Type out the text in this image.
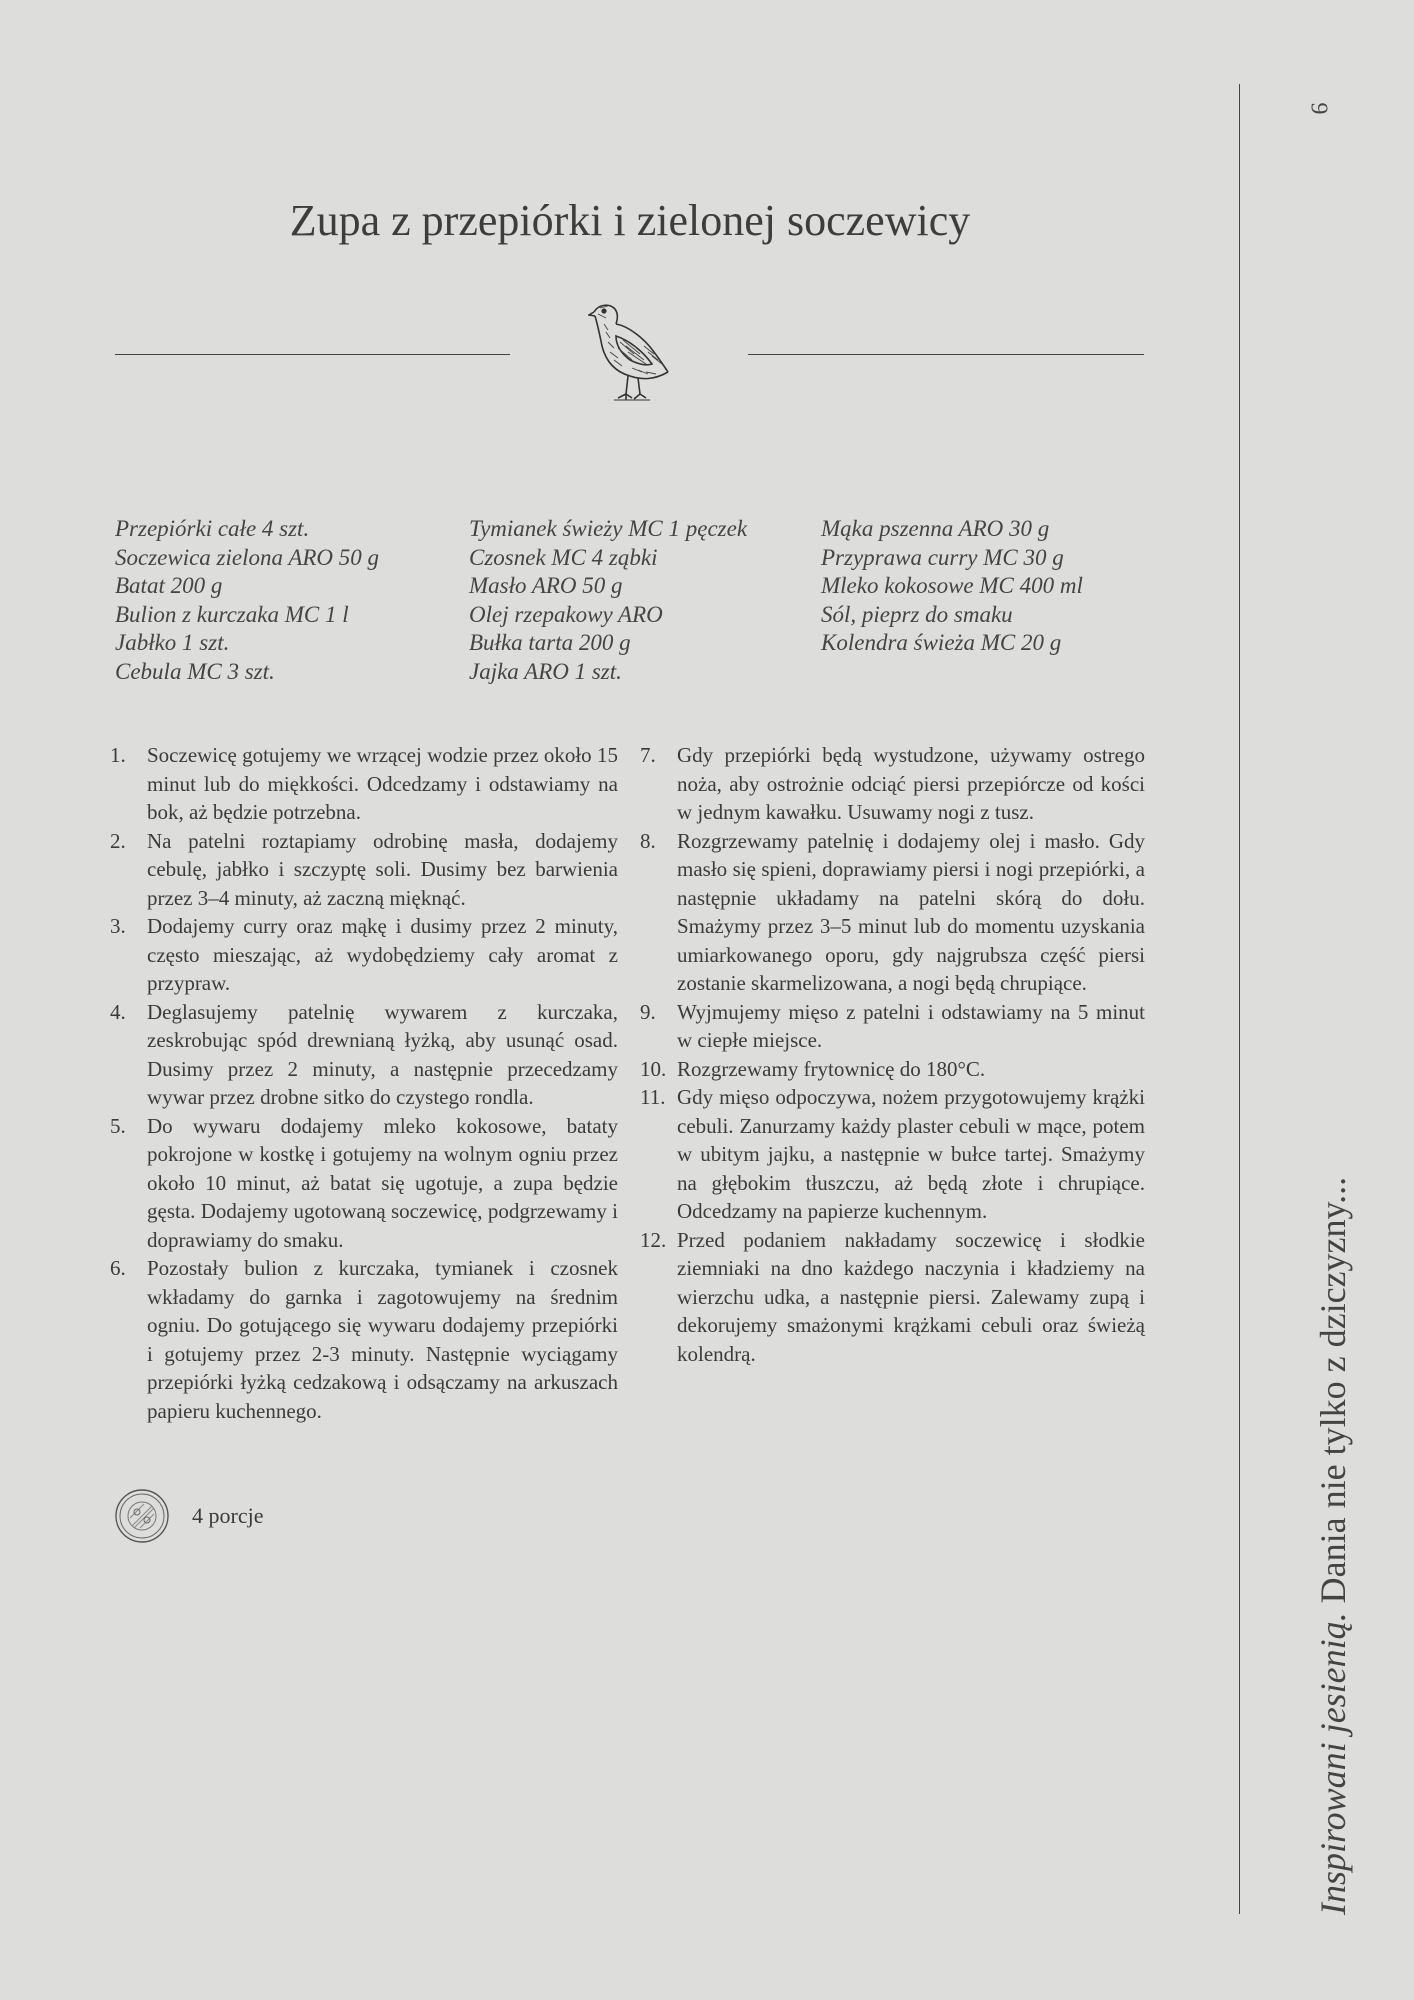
Zupa z przepiórki i zielonej soczewicy
Przepiórki całe 4 szt.
Soczewica zielona ARO 50 g
Batat 200 g
Bulion z kurczaka MC 1 l
Jabłko 1 szt.
Cebula MC 3 szt.
Tymianek świeży MC 1 pęczek
Czosnek MC 4 ząbki
Masło ARO 50 g
Olej rzepakowy ARO
Bułka tarta 200 g
Jajka ARO 1 szt.
Mąka pszenna ARO 30 g
Przyprawa curry MC 30 g
Mleko kokosowe MC 400 ml
Sól, pieprz do smaku
Kolendra świeża MC 20 g
1.	Soczewicę gotujemy we wrzącej wodzie przez około 15 minut lub do miękkości. Odcedzamy i odstawiamy na bok, aż będzie potrzebna.
2.	Na patelni roztapiamy odrobinę masła, dodajemy cebulę, jabłko i szczyptę soli. Dusimy bez barwienia przez 3–4 minuty, aż zaczną mięknąć.
3.	Dodajemy curry oraz mąkę i dusimy przez 2 minuty, często mieszając, aż wydobędziemy cały aromat z przypraw.
4.	Deglasujemy patelnię wywarem z kurczaka, zeskrobując spód drewnianą łyżką, aby usunąć osad. Dusimy przez 2 minuty, a następnie przecedzamy wywar przez drobne sitko do czystego rondla.
5.	Do wywaru dodajemy mleko kokosowe, bataty pokrojone w kostkę i gotujemy na wolnym ogniu przez około 10 minut, aż batat się ugotuje, a zupa będzie gęsta. Dodajemy ugotowaną soczewicę, podgrzewamy i doprawiamy do smaku.
6.	Pozostały bulion z kurczaka, tymianek i czosnek wkładamy do garnka i zagotowujemy na średnim ogniu. Do gotującego się wywaru dodajemy przepiórki i gotujemy przez 2-3 minuty. Następnie wyciągamy przepiórki łyżką cedzakową i odsączamy na arkuszach papieru kuchennego.
7.	Gdy przepiórki będą wystudzone, używamy ostrego noża, aby ostrożnie odciąć piersi przepiórcze od kości w jednym kawałku. Usuwamy nogi z tusz.
8.	Rozgrzewamy patelnię i dodajemy olej i masło. Gdy masło się spieni, doprawiamy piersi i nogi przepiórki, a następnie układamy na patelni skórą do dołu. Smażymy przez 3–5 minut lub do momentu uzyskania umiarkowanego oporu, gdy najgrubsza część piersi zostanie skarmelizowana, a nogi będą chrupiące.
9.	Wyjmujemy mięso z patelni i odstawiamy na 5 minut w ciepłe miejsce.
10. Rozgrzewamy frytownicę do 180°C.
11. Gdy mięso odpoczywa, nożem przygotowujemy krążki cebuli. Zanurzamy każdy plaster cebuli w mące, potem w ubitym jajku, a następnie w bułce tartej. Smażymy na głębokim tłuszczu, aż będą złote i chrupiące. Odcedzamy na papierze kuchennym.
12. Przed podaniem nakładamy soczewicę i słodkie ziemniaki na dno każdego naczynia i kładziemy na wierzchu udka, a następnie piersi. Zalewamy zupą i dekorujemy smażonymi krążkami cebuli oraz świeżą kolendrą.
4 porcje
9
Inspirowani jesienią. Dania nie tylko z dziczyzny...
